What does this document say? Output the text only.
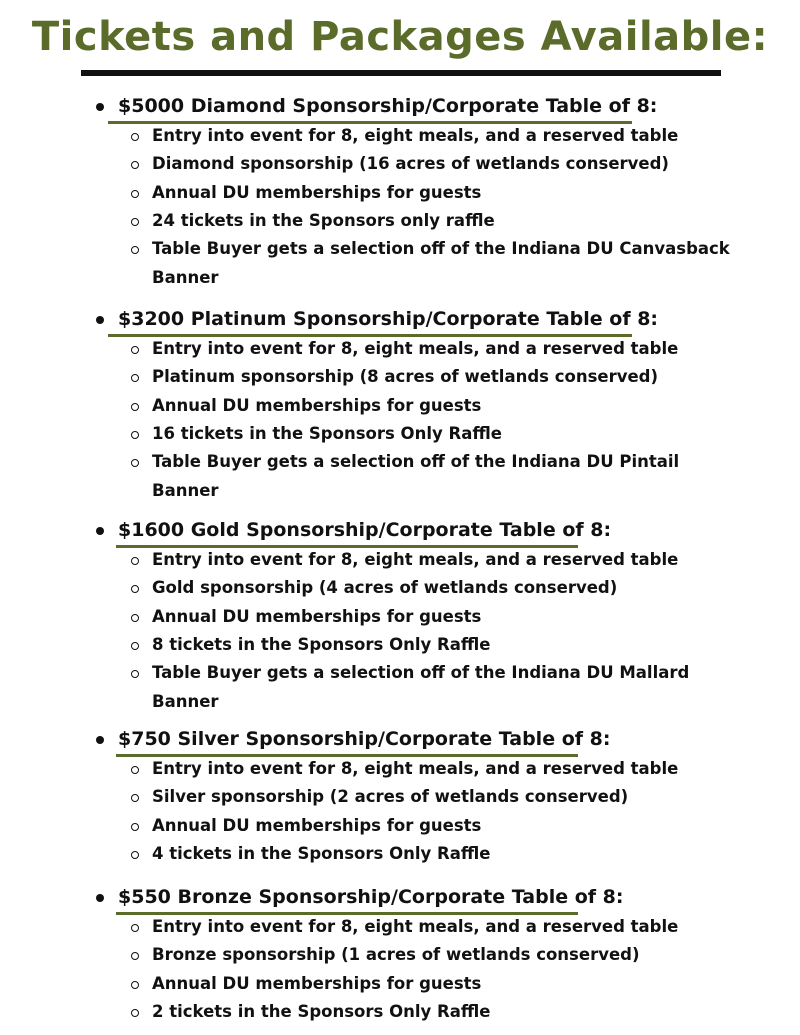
Tickets and Packages Available:
$5000 Diamond Sponsorship/Corporate Table of 8:
Entry into event for 8, eight meals, and a reserved table
Diamond sponsorship (16 acres of wetlands conserved)
Annual DU memberships for guests
24 tickets in the Sponsors only raffle
Table Buyer gets a selection off of the Indiana DU Canvasback
Banner
$3200 Platinum Sponsorship/Corporate Table of 8:
Entry into event for 8, eight meals, and a reserved table
Platinum sponsorship (8 acres of wetlands conserved)
Annual DU memberships for guests
16 tickets in the Sponsors Only Raffle
Table Buyer gets a selection off of the Indiana DU Pintail
Banner
$1600 Gold Sponsorship/Corporate Table of 8:
Entry into event for 8, eight meals, and a reserved table
Gold sponsorship (4 acres of wetlands conserved)
Annual DU memberships for guests
8 tickets in the Sponsors Only Raffle
Table Buyer gets a selection off of the Indiana DU Mallard
Banner
$750 Silver Sponsorship/Corporate Table of 8:
Entry into event for 8, eight meals, and a reserved table
Silver sponsorship (2 acres of wetlands conserved)
Annual DU memberships for guests
4 tickets in the Sponsors Only Raffle
$550 Bronze Sponsorship/Corporate Table of 8:
Entry into event for 8, eight meals, and a reserved table
Bronze sponsorship (1 acres of wetlands conserved)
Annual DU memberships for guests
2 tickets in the Sponsors Only Raffle
